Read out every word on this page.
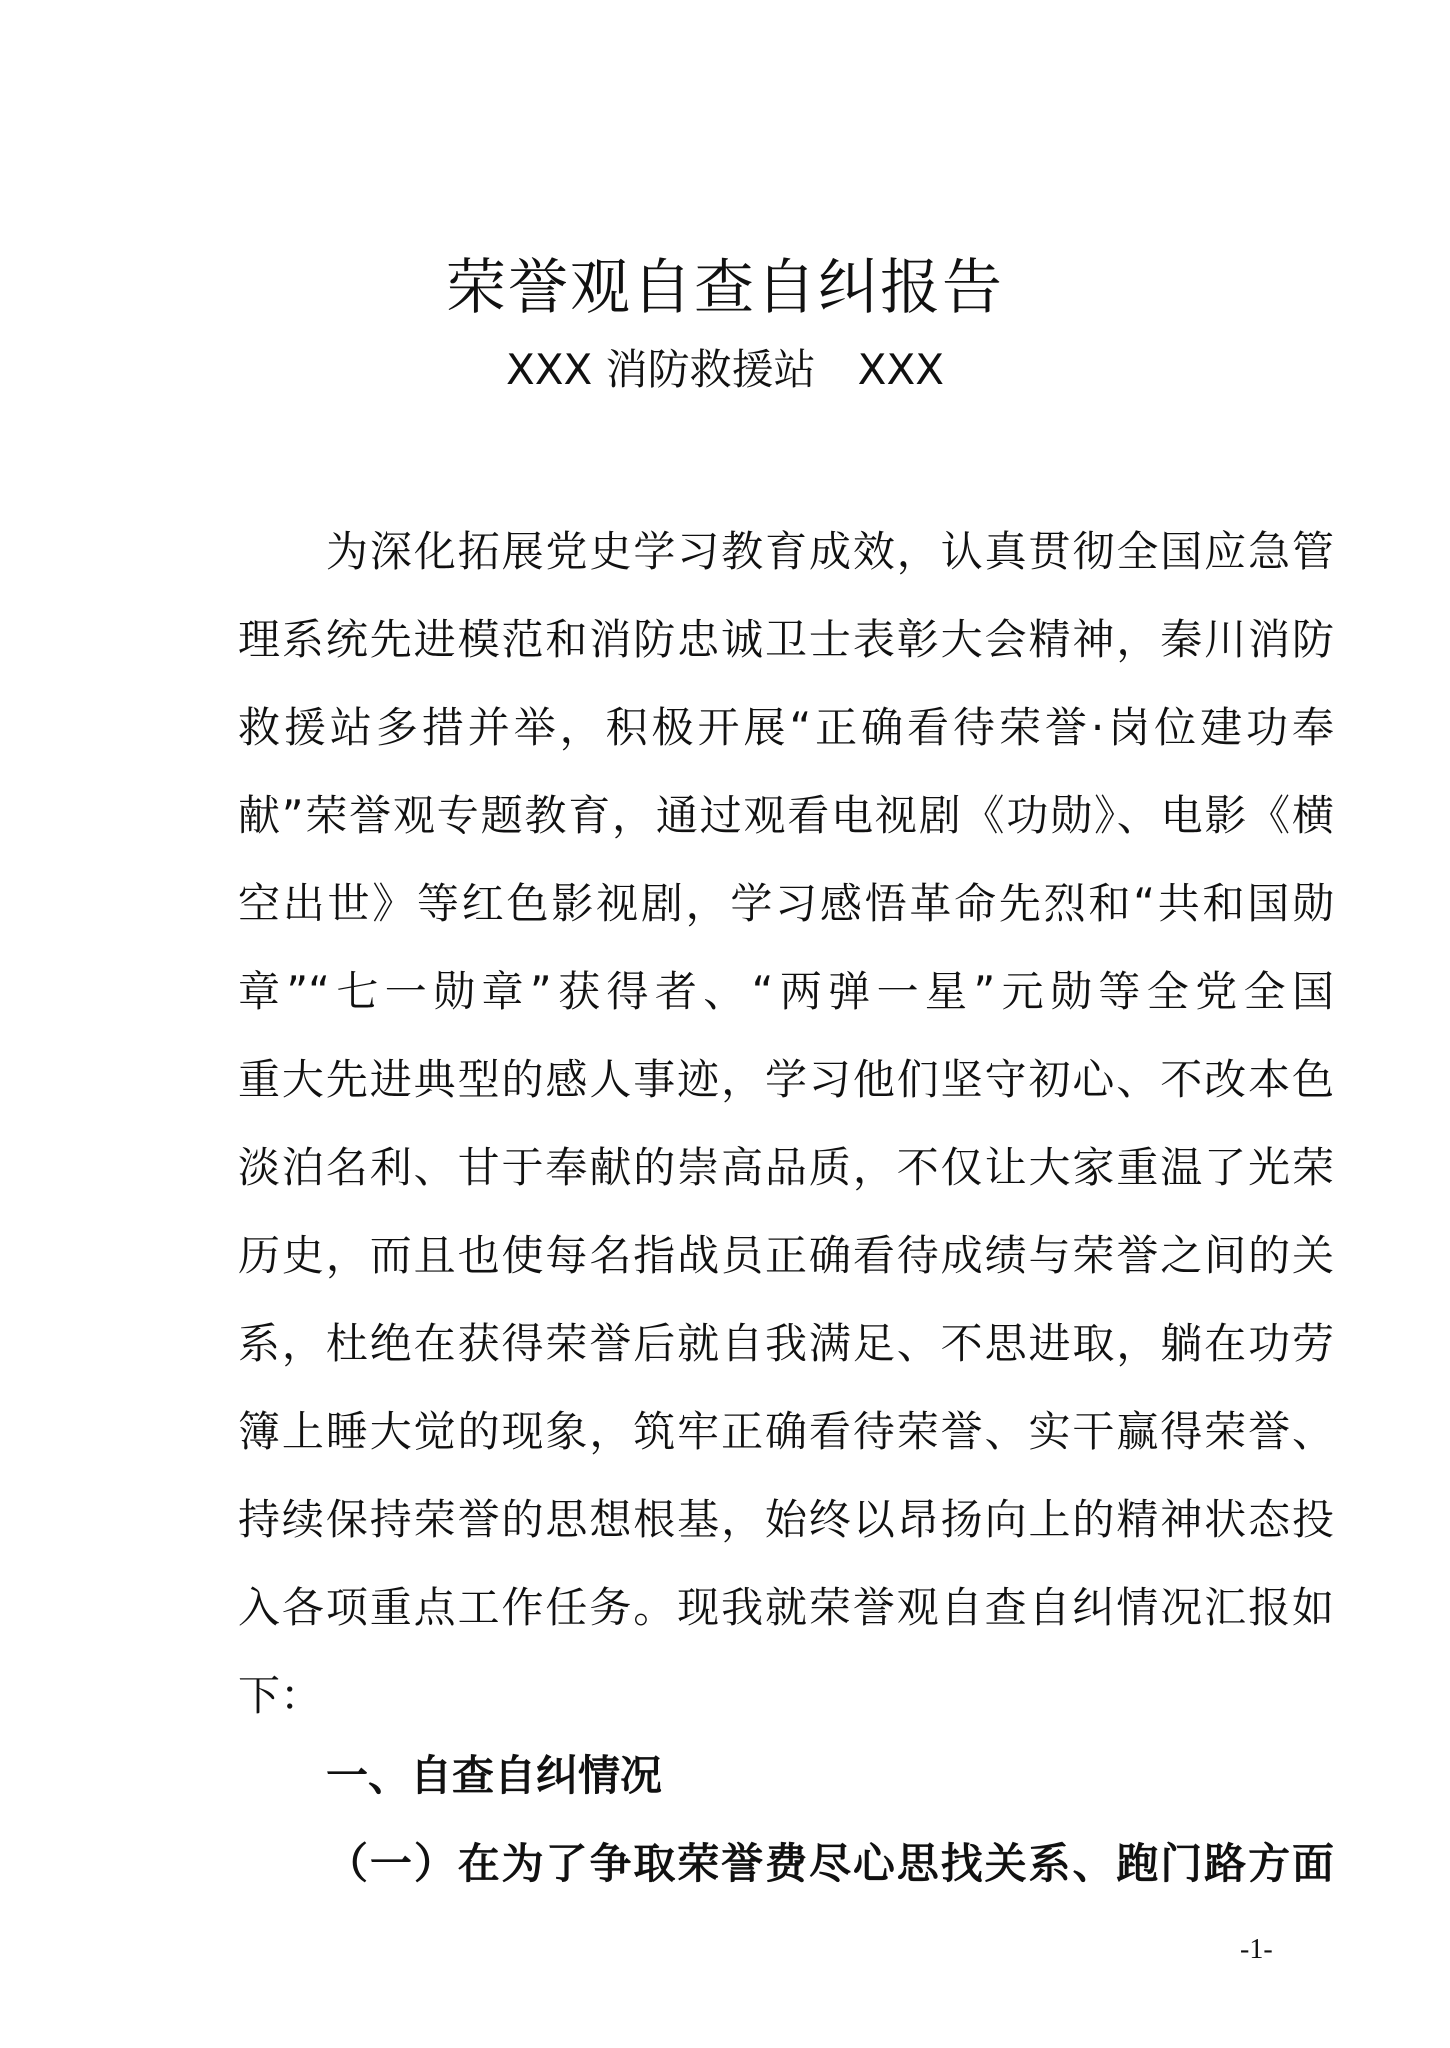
荣誉观自查自纠报告

XXX 消防救援站　XXX

为深化拓展党史学习教育成效，认真贯彻全国应急管
理系统先进模范和消防忠诚卫士表彰大会精神，秦川消防
救援站多措并举，积极开展“正确看待荣誉·岗位建功奉
献”荣誉观专题教育，通过观看电视剧《功勋》、电影《横
空出世》等红色影视剧，学习感悟革命先烈和“共和国勋
章”“七一勋章”获得者、“两弹一星”元勋等全党全国
重大先进典型的感人事迹，学习他们坚守初心、不改本色
淡泊名利、甘于奉献的崇高品质，不仅让大家重温了光荣
历史，而且也使每名指战员正确看待成绩与荣誉之间的关
系，杜绝在获得荣誉后就自我满足、不思进取，躺在功劳
簿上睡大觉的现象，筑牢正确看待荣誉、实干赢得荣誉、
持续保持荣誉的思想根基，始终以昂扬向上的精神状态投
入各项重点工作任务。现我就荣誉观自查自纠情况汇报如
下：
一、自查自纠情况
（一）在为了争取荣誉费尽心思找关系、跑门路方面
-1-
